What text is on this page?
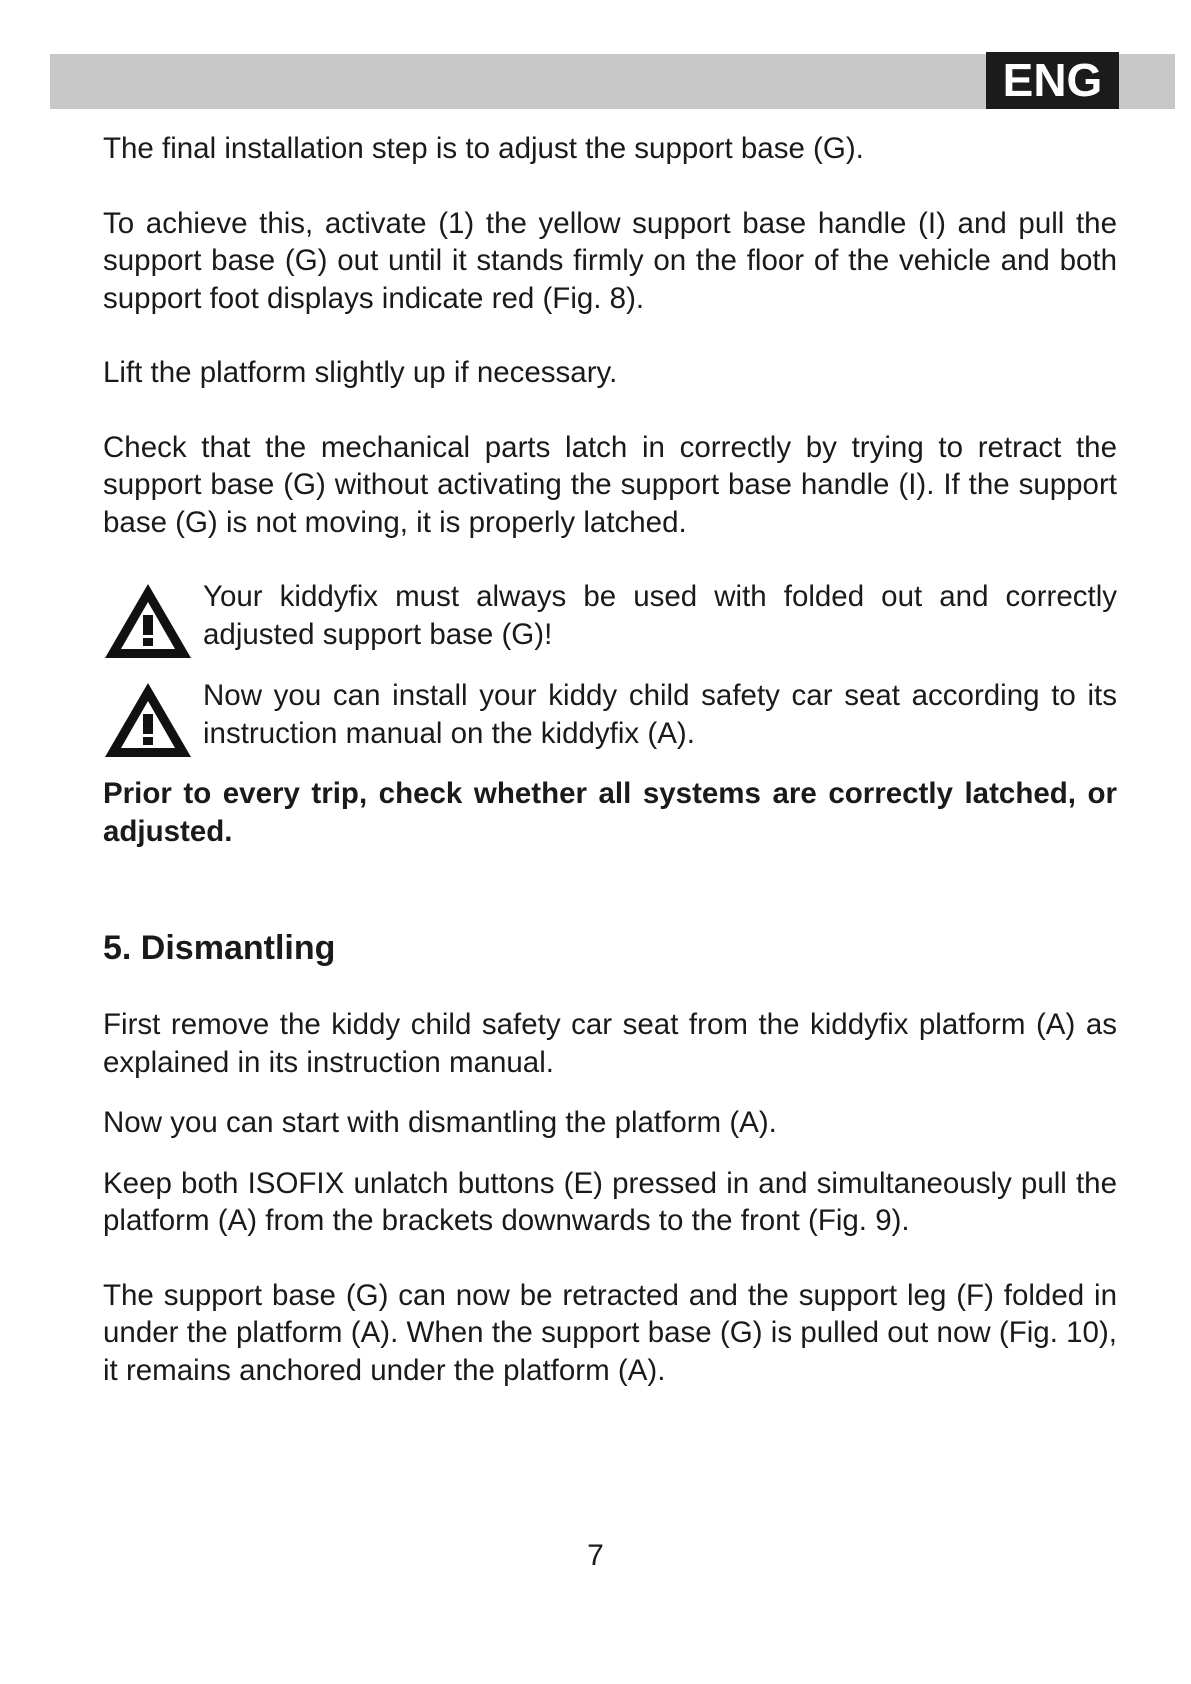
ENG

The final installation step is to adjust the support base (G).

To achieve this, activate (1) the yellow support base handle (I) and pull the support base (G) out until it stands firmly on the floor of the vehicle and both support foot displays indicate red (Fig. 8).

Lift the platform slightly up if necessary.

Check that the mechanical parts latch in correctly by trying to retract the support base (G) without activating the support base handle (I). If the support base (G) is not moving, it is properly latched.

Your kiddyfix must always be used with folded out and correctly adjusted support base (G)!

Now you can install your kiddy child safety car seat according to its instruction manual on the kiddyfix (A).

Prior to every trip, check whether all systems are correctly latched, or adjusted.

5. Dismantling

First remove the kiddy child safety car seat from the kiddyfix platform (A) as explained in its instruction manual.

Now you can start with dismantling the platform (A).

Keep both ISOFIX unlatch buttons (E) pressed in and simultaneously pull the platform (A) from the brackets downwards to the front (Fig. 9).

The support base (G) can now be retracted and the support leg (F) folded in under the platform (A). When the support base (G) is pulled out now (Fig. 10), it remains anchored under the platform (A).

7
